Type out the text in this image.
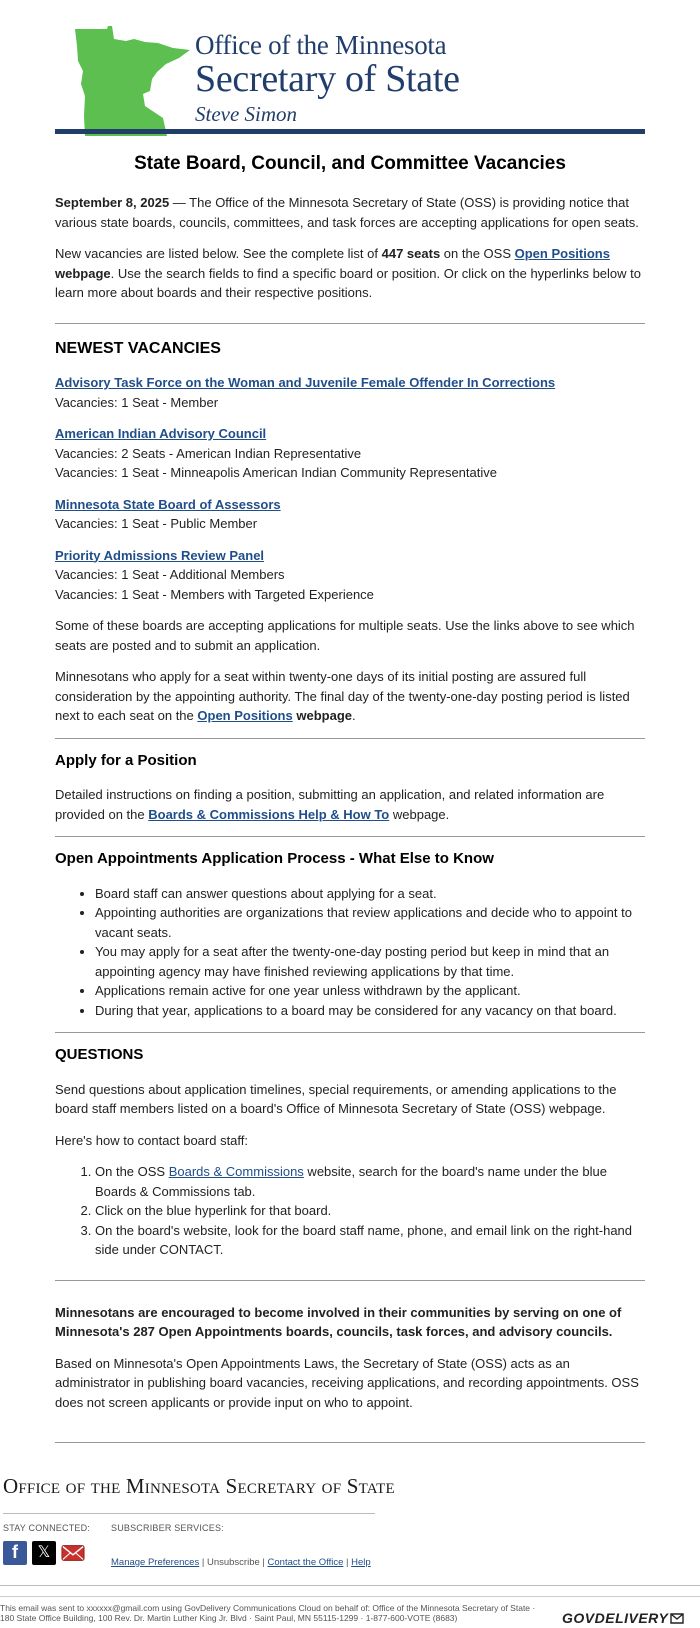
Office of the Minnesota
Secretary of State
Steve Simon
State Board, Council, and Committee Vacancies

September 8, 2025 — The Office of the Minnesota Secretary of State (OSS) is providing notice that various state boards, councils, committees, and task forces are accepting applications for open seats.

New vacancies are listed below. See the complete list of 447 seats on the OSS Open Positions webpage. Use the search fields to find a specific board or position. Or click on the hyperlinks below to learn more about boards and their respective positions.

NEWEST VACANCIES
Advisory Task Force on the Woman and Juvenile Female Offender In Corrections
Vacancies: 1 Seat - Member
American Indian Advisory Council
Vacancies: 2 Seats - American Indian Representative
Vacancies: 1 Seat - Minneapolis American Indian Community Representative
Minnesota State Board of Assessors
Vacancies: 1 Seat - Public Member
Priority Admissions Review Panel
Vacancies: 1 Seat - Additional Members
Vacancies: 1 Seat - Members with Targeted Experience

Some of these boards are accepting applications for multiple seats. Use the links above to see which seats are posted and to submit an application.

Minnesotans who apply for a seat within twenty-one days of its initial posting are assured full consideration by the appointing authority. The final day of the twenty-one-day posting period is listed next to each seat on the Open Positions webpage.

Apply for a Position

Detailed instructions on finding a position, submitting an application, and related information are provided on the Boards & Commissions Help & How To webpage.

Open Appointments Application Process - What Else to Know
• Board staff can answer questions about applying for a seat.
• Appointing authorities are organizations that review applications and decide who to appoint to vacant seats.
• You may apply for a seat after the twenty-one-day posting period but keep in mind that an appointing agency may have finished reviewing applications by that time.
• Applications remain active for one year unless withdrawn by the applicant.
• During that year, applications to a board may be considered for any vacancy on that board.
QUESTIONS

Send questions about application timelines, special requirements, or amending applications to the board staff members listed on a board's Office of Minnesota Secretary of State (OSS) webpage.

Here's how to contact board staff:

1. On the OSS Boards & Commissions website, search for the board's name under the blue Boards & Commissions tab.
2. Click on the blue hyperlink for that board.
3. On the board's website, look for the board staff name, phone, and email link on the right-hand side under CONTACT.

Minnesotans are encouraged to become involved in their communities by serving on one of Minnesota's 287 Open Appointments boards, councils, task forces, and advisory councils.

Based on Minnesota's Open Appointments Laws, the Secretary of State (OSS) acts as an administrator in publishing board vacancies, receiving applications, and recording appointments. OSS does not screen applicants or provide input on who to appoint.

Office of the Minnesota Secretary of State
STAY CONNECTED:
f	𝕏
SUBSCRIBER SERVICES:
Manage Preferences | Unsubscribe | Contact the Office | Help
This email was sent to xxxxxx@gmail.com using GovDelivery Communications Cloud on behalf of: Office of the Minnesota Secretary of State · 180 State Office Building, 100 Rev. Dr. Martin Luther King Jr. Blvd · Saint Paul, MN 55115-1299 · 1-877-600-VOTE (8683)	GOVDELIVERY
